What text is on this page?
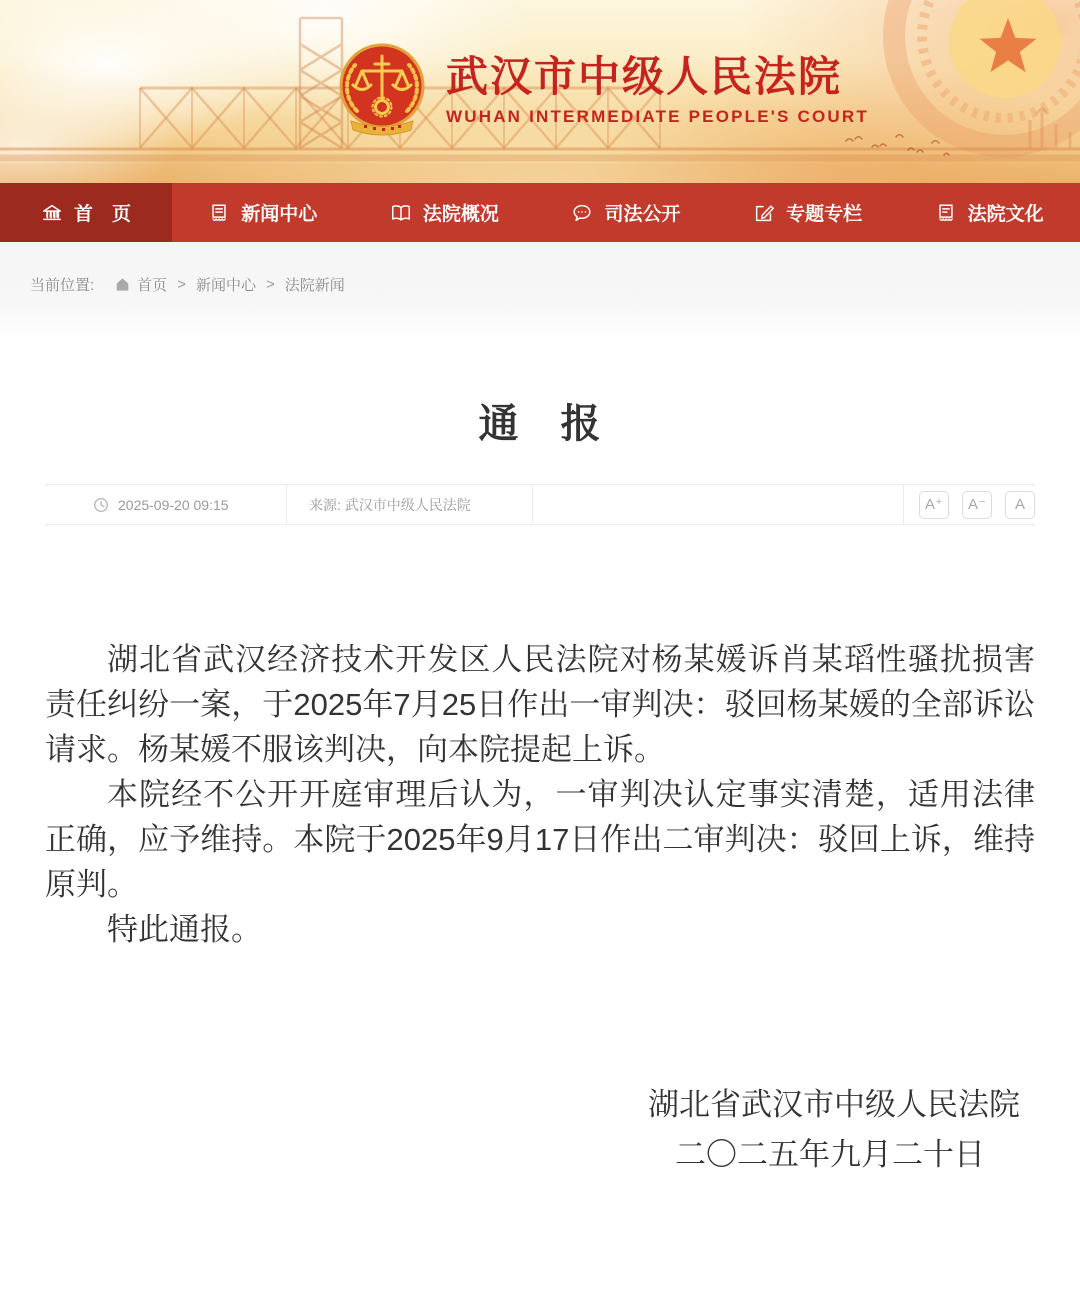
武汉市中级人民法院
WUHAN INTERMEDIATE PEOPLE'S COURT
首　页	新闻中心	法院概况	司法公开	专题专栏	法院文化
当前位置:	首页 > 新闻中心 > 法院新闻
通　报
2025-09-20 09:15	来源: 武汉市中级人民法院	A⁺	A⁻	A

湖北省武汉经济技术开发区人民法院对杨某媛诉肖某瑫性骚扰损害责任纠纷一案，于2025年7月25日作出一审判决：驳回杨某媛的全部诉讼请求。杨某媛不服该判决，向本院提起上诉。

本院经不公开开庭审理后认为，一审判决认定事实清楚，适用法律正确，应予维持。本院于2025年9月17日作出二审判决：驳回上诉，维持原判。

特此通报。

湖北省武汉市中级人民法院

二〇二五年九月二十日
